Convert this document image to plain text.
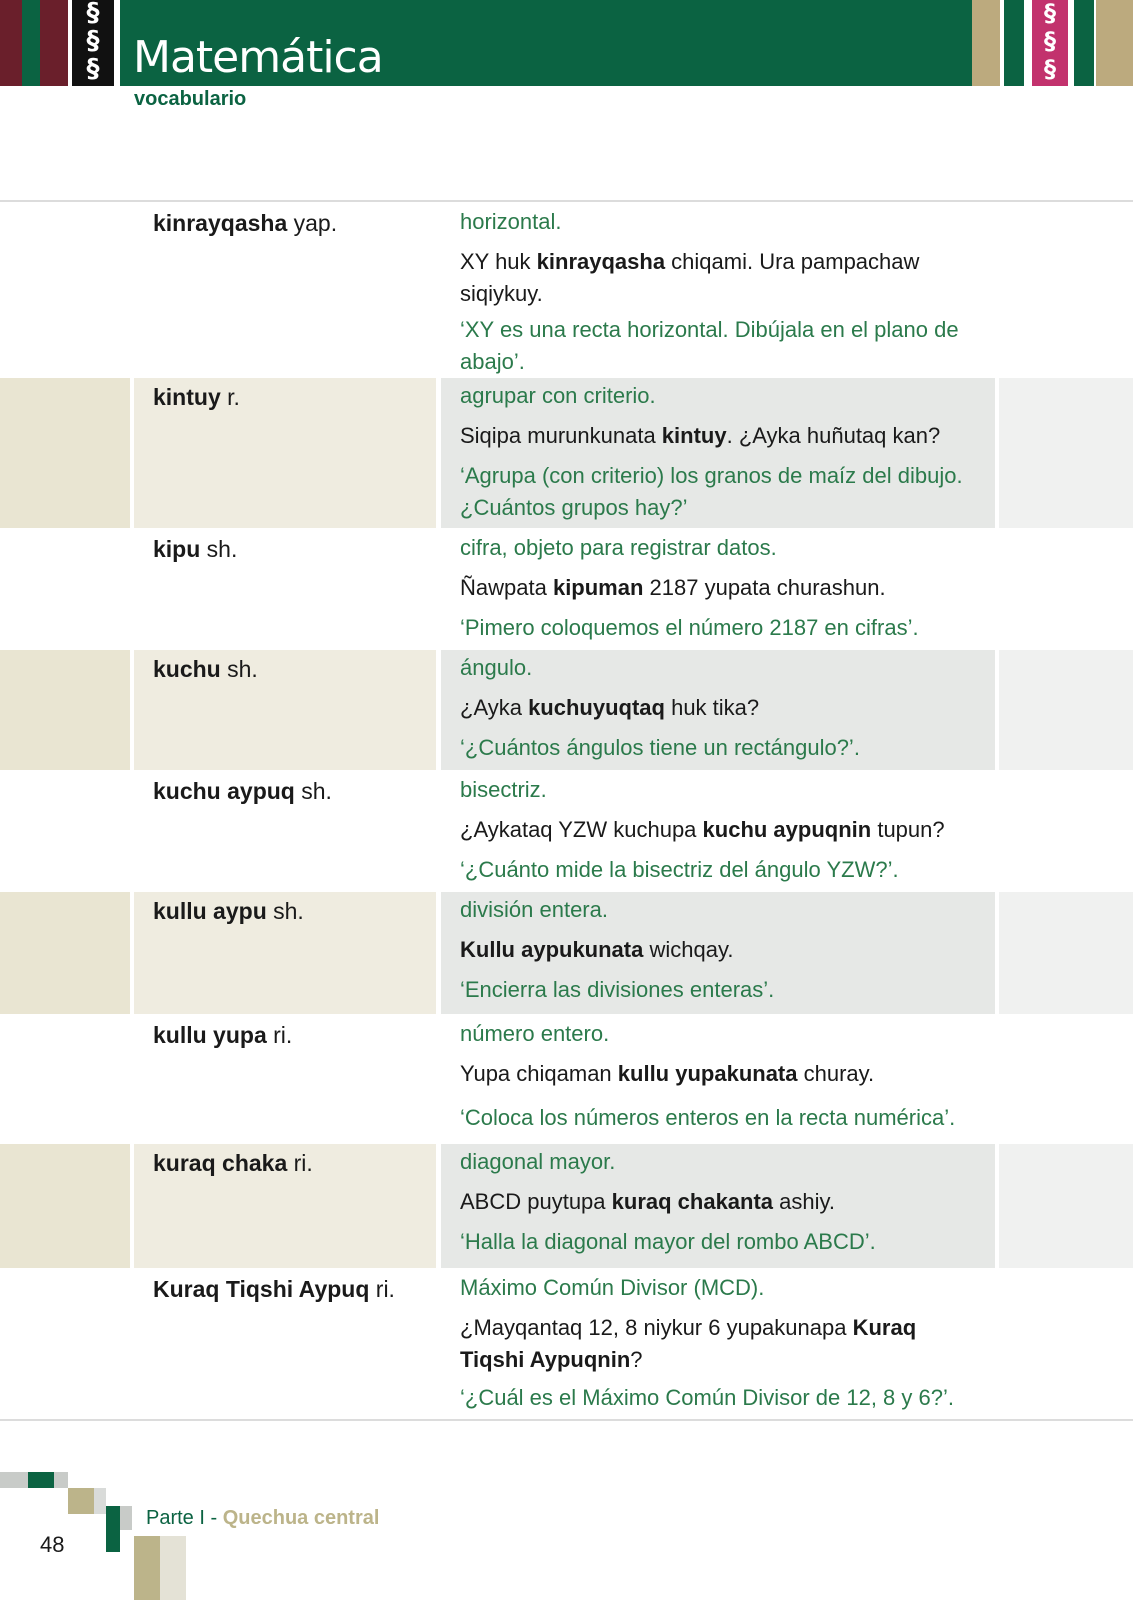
§
§
§ Matemática
§
§
§
vocabulario
kinrayqasha yap.	horizontal.
XY huk kinrayqasha chiqami. Ura pampachaw
siqiykuy.
‘XY es una recta horizontal. Dibújala en el plano de
abajo’.
kintuy r.	agrupar con criterio.
Siqipa murunkunata kintuy. ¿Ayka huñutaq kan?
‘Agrupa (con criterio) los granos de maíz del dibujo.
¿Cuántos grupos hay?’
kipu sh.	cifra, objeto para registrar datos.
Ñawpata kipuman 2187 yupata churashun.
‘Pimero coloquemos el número 2187 en cifras’.
kuchu sh.	ángulo.
¿Ayka kuchuyuqtaq huk tika?
‘¿Cuántos ángulos tiene un rectángulo?’.
kuchu aypuq sh.	bisectriz.
¿Aykataq YZW kuchupa kuchu aypuqnin tupun?
‘¿Cuánto mide la bisectriz del ángulo YZW?’.
kullu aypu sh.	división entera.
Kullu aypukunata wichqay.
‘Encierra las divisiones enteras’.
kullu yupa ri.	número entero.
Yupa chiqaman kullu yupakunata churay.
‘Coloca los números enteros en la recta numérica’.
kuraq chaka ri.	diagonal mayor.
ABCD puytupa kuraq chakanta ashiy.
‘Halla la diagonal mayor del rombo ABCD’.
Kuraq Tiqshi Aypuq ri.	Máximo Común Divisor (MCD).
¿Mayqantaq 12, 8 niykur 6 yupakunapa Kuraq
Tiqshi Aypuqnin?
‘¿Cuál es el Máximo Común Divisor de 12, 8 y 6?’.
Parte I - Quechua central
48
